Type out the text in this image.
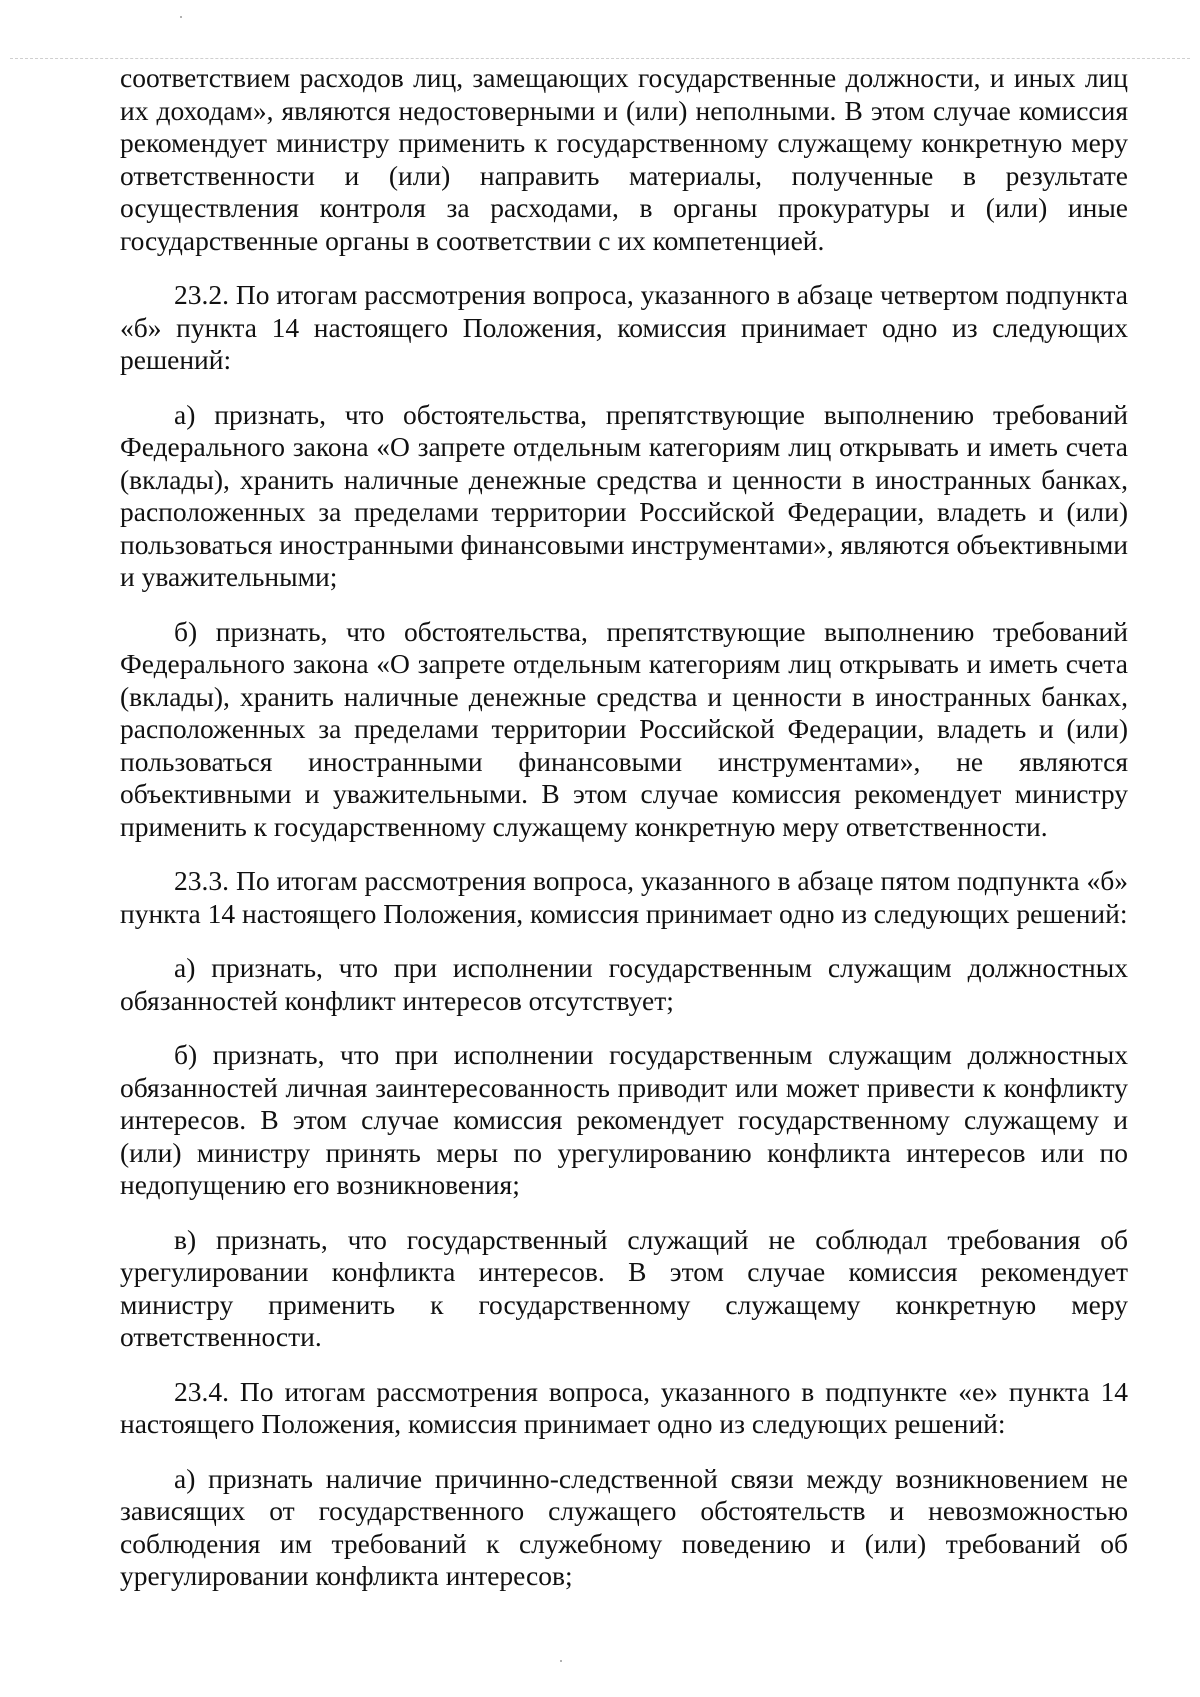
соответствием расходов лиц, замещающих государственные должности, и иных лиц их доходам», являются недостоверными и (или) неполными. В этом случае комиссия рекомендует министру применить к государственному служащему конкретную меру ответственности и (или) направить материалы, полученные в результате осуществления контроля за расходами, в органы прокуратуры и (или) иные государственные органы в соответствии с их компетенцией.

23.2. По итогам рассмотрения вопроса, указанного в абзаце четвертом подпункта «б» пункта 14 настоящего Положения, комиссия принимает одно из следующих решений:

а) признать, что обстоятельства, препятствующие выполнению требований Федерального закона «О запрете отдельным категориям лиц открывать и иметь счета (вклады), хранить наличные денежные средства и ценности в иностранных банках, расположенных за пределами территории Российской Федерации, владеть и (или) пользоваться иностранными финансовыми инструментами», являются объективными и уважительными;

б) признать, что обстоятельства, препятствующие выполнению требований Федерального закона «О запрете отдельным категориям лиц открывать и иметь счета (вклады), хранить наличные денежные средства и ценности в иностранных банках, расположенных за пределами территории Российской Федерации, владеть и (или) пользоваться иностранными финансовыми инструментами», не являются объективными и уважительными. В этом случае комиссия рекомендует министру применить к государственному служащему конкретную меру ответственности.

23.3. По итогам рассмотрения вопроса, указанного в абзаце пятом подпункта «б» пункта 14 настоящего Положения, комиссия принимает одно из следующих решений:

а) признать, что при исполнении государственным служащим должностных обязанностей конфликт интересов отсутствует;

б) признать, что при исполнении государственным служащим должностных обязанностей личная заинтересованность приводит или может привести к конфликту интересов. В этом случае комиссия рекомендует государственному служащему и (или) министру принять меры по урегулированию конфликта интересов или по недопущению его возникновения;

в) признать, что государственный служащий не соблюдал требования об урегулировании конфликта интересов. В этом случае комиссия рекомендует министру применить к государственному служащему конкретную меру ответственности.

23.4. По итогам рассмотрения вопроса, указанного в подпункте «е» пункта 14 настоящего Положения, комиссия принимает одно из следующих решений:

а) признать наличие причинно-следственной связи между возникновением не зависящих от государственного служащего обстоятельств и невозможностью соблюдения им требований к служебному поведению и (или) требований об урегулировании конфликта интересов;
